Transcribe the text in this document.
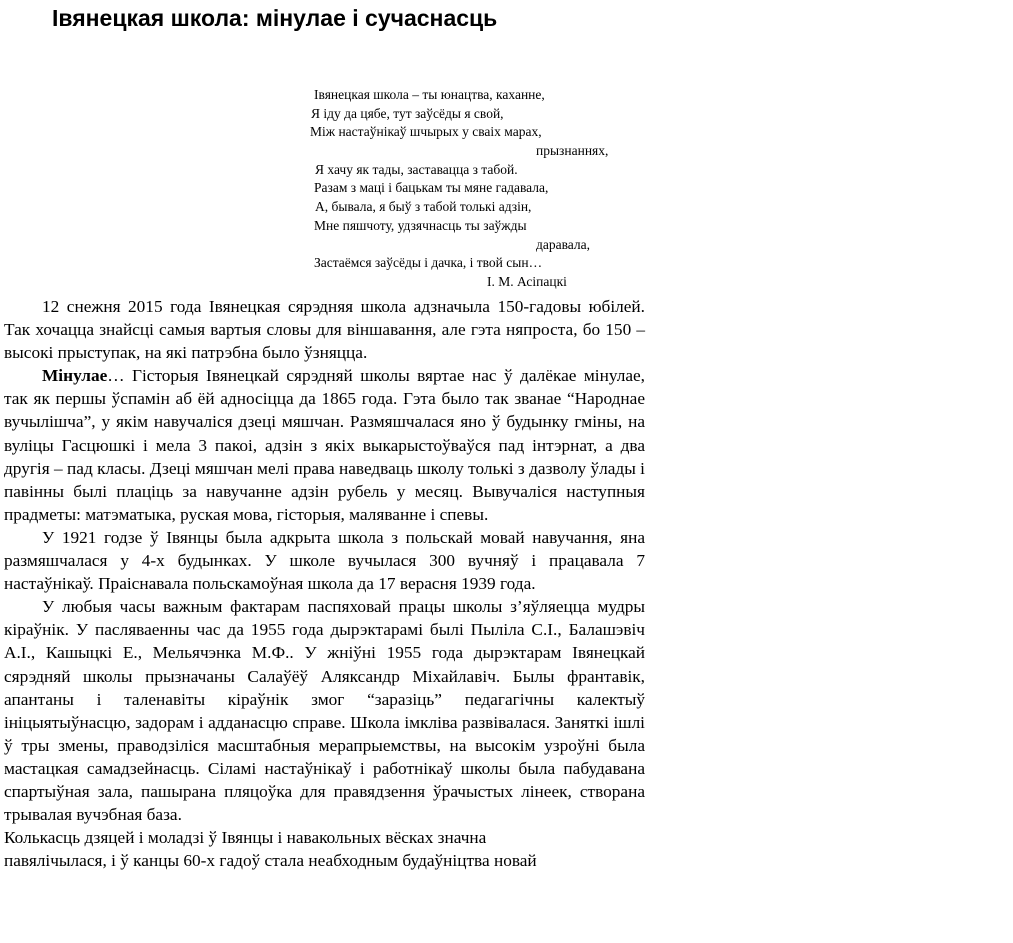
Івянецкая школа: мінулае і сучаснасць
Івянецкая школа – ты юнацтва, каханне,
Я іду да цябе, тут заўсёды я свой,
Між настаўнікаў шчырых у сваіх марах,
прызнаннях,
Я хачу як тады, заставацца з табой.
Разам з маці і бацькам ты мяне гадавала,
А, бывала, я быў з табой толькі адзін,
Мне пяшчоту, удзячнасць ты заўжды
даравала,
Застаёмся заўсёды і дачка, і твой сын…
І. М. Асіпацкі

12 снежня 2015 года Івянецкая сярэдняя школа адзначыла 150-гадовы юбілей. Так хочацца знайсці самыя вартыя словы для віншавання, але гэта няпроста, бо 150 – высокі прыступак, на які патрэбна было ўзняцца.

Мінулае… Гісторыя Івянецкай сярэдняй школы вяртае нас ў далёкае мінулае, так як першы ўспамін аб ёй адносіцца да 1865 года. Гэта было так званае “Народнае вучылішча”, у якім навучаліся дзеці мяшчан. Размяшчалася яно ў будынку гміны, на вуліцы Гасцюшкі і мела 3 пакоі, адзін з якіх выкарыстоўваўся пад інтэрнат, а два другія – пад класы. Дзеці мяшчан мелі права наведваць школу толькі з дазволу ўлады і павінны былі плаціць за навучанне адзін рубель у месяц. Вывучаліся наступныя прадметы: матэматыка, руская мова, гісторыя, маляванне і спевы.

У 1921 годзе ў Івянцы была адкрыта школа з польскай мовай навучання, яна размяшчалася у 4-х будынках. У школе вучылася 300 вучняў і працавала 7 настаўнікаў. Праіснавала польскамоўная школа да 17 верасня 1939 года.

У любыя часы важным фактарам паспяховай працы школы з’яўляецца мудры кіраўнік. У пасляваенны час да 1955 года дырэктарамі былі Пыліла С.І., Балашэвіч А.І., Кашыцкі Е., Мельячэнка М.Ф.. У жніўні 1955 года дырэктарам Івянецкай сярэдняй школы прызначаны Салаўёў Аляксандр Міхайлавіч. Былы франтавік, апантаны і таленавіты кіраўнік змог “заразіць” педагагічны калектыў ініцыятыўнасцю, задорам і адданасцю справе. Школа імкліва развівалася. Заняткі ішлі ў тры змены, праводзіліся масштабныя мерапрыемствы, на высокім узроўні была мастацкая самадзейнасць. Сіламі настаўнікаў і работнікаў школы была пабудавана спартыўная зала, пашырана пляцоўка для правядзення ўрачыстых лінеек, створана трывалая вучэбная база.

Колькасць дзяцей і моладзі ў Івянцы і навакольных вёсках значна
павялічылася, і ў канцы 60-х гадоў стала неабходным будаўніцтва новай
